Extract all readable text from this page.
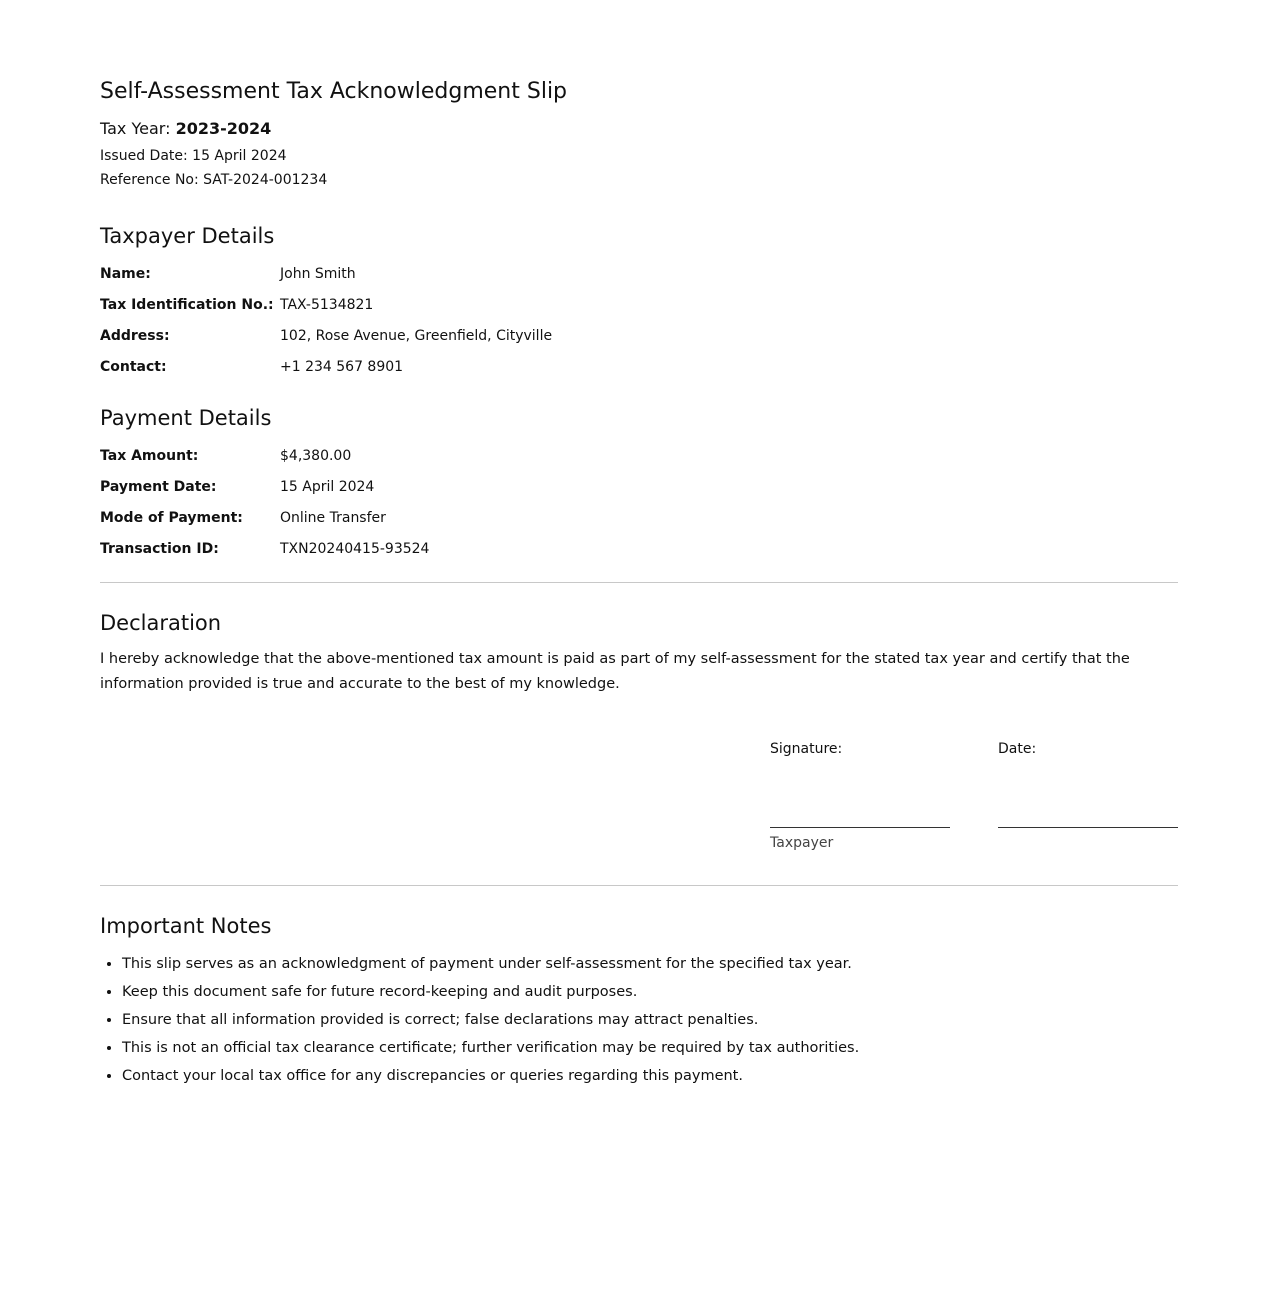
Self-Assessment Tax Acknowledgment Slip
Tax Year: 2023-2024
Issued Date: 15 April 2024
Reference No: SAT-2024-001234
Taxpayer Details
Name:	John Smith
Tax Identification No.: TAX-5134821
Address:	102, Rose Avenue, Greenfield, Cityville
Contact:	+1 234 567 8901
Payment Details
Tax Amount:	$4,380.00
Payment Date:	15 April 2024
Mode of Payment:	Online Transfer
Transaction ID:	TXN20240415-93524
Declaration

I hereby acknowledge that the above-mentioned tax amount is paid as part of my self-assessment for the stated tax year and certify that the information provided is true and accurate to the best of my knowledge.

Signature:
Taxpayer
Date:
Important Notes
• This slip serves as an acknowledgment of payment under self-assessment for the specified tax year.
• Keep this document safe for future record-keeping and audit purposes.
• Ensure that all information provided is correct; false declarations may attract penalties.
• This is not an official tax clearance certificate; further verification may be required by tax authorities.
• Contact your local tax office for any discrepancies or queries regarding this payment.
